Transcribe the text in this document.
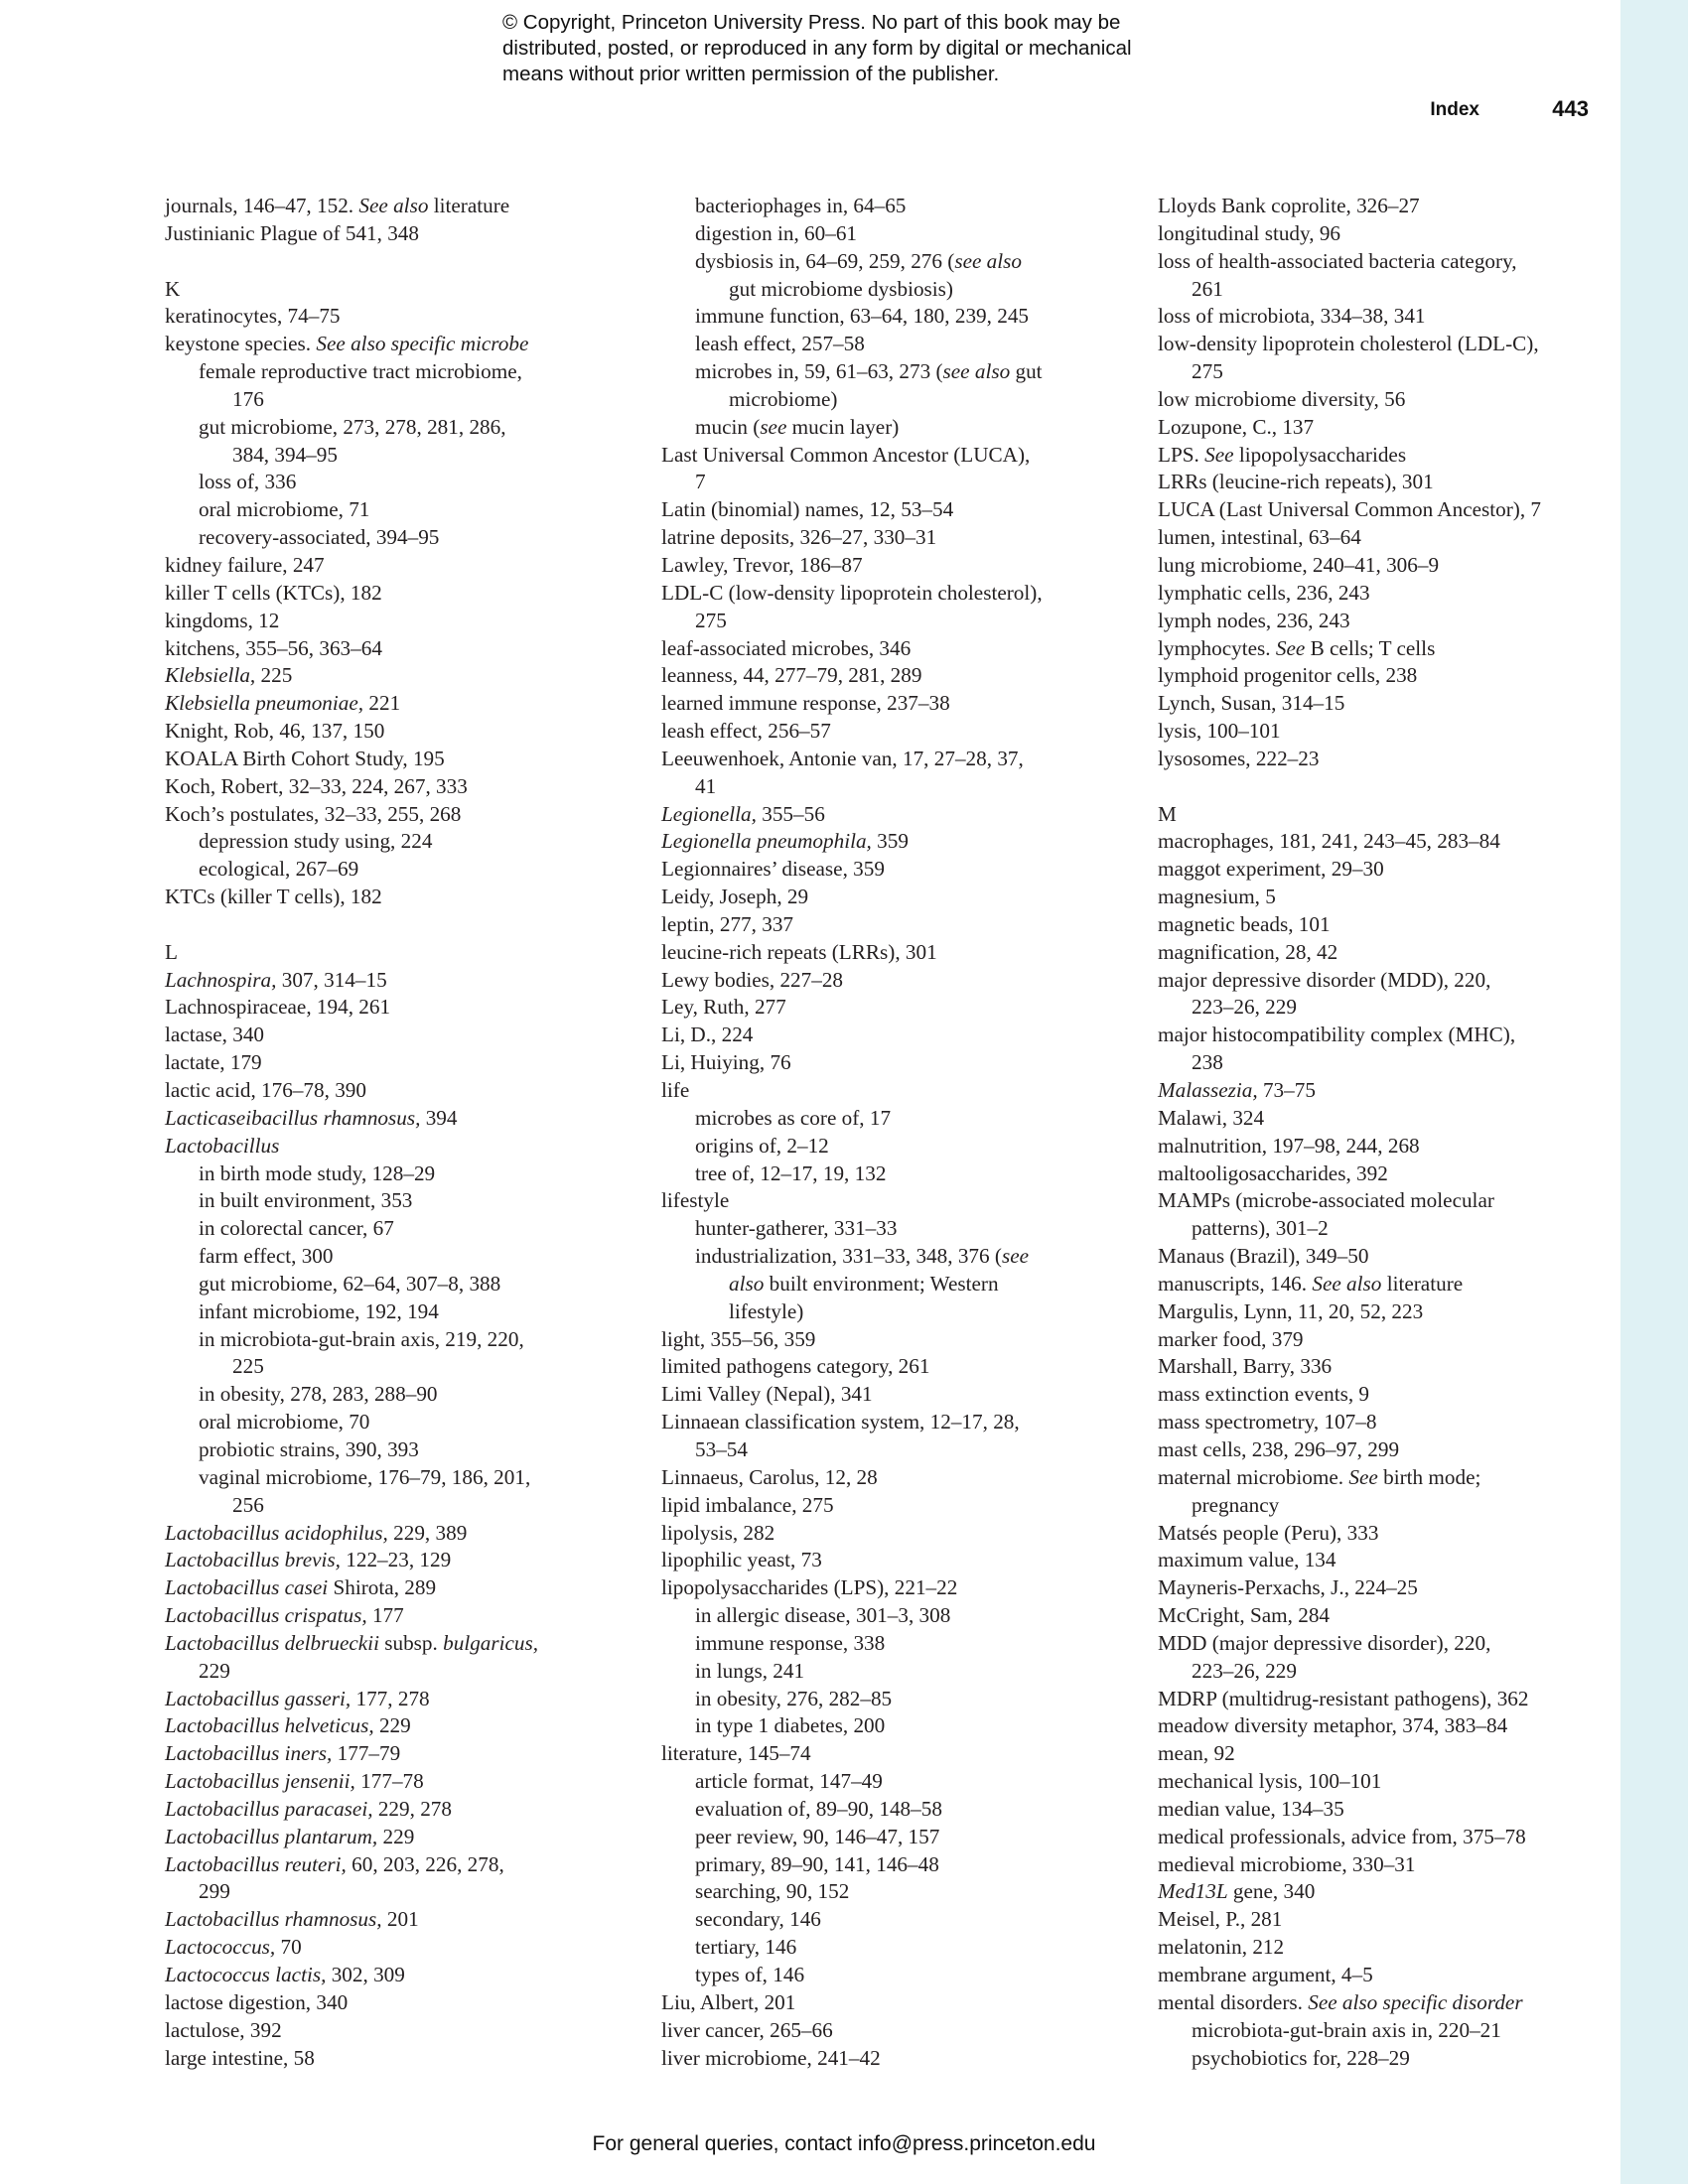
© Copyright, Princeton University Press. No part of this book may be
distributed, posted, or reproduced in any form by digital or mechanical
means without prior written permission of the publisher.
Index	443
journals, 146–47, 152. See also literature
Justinianic Plague of 541, 348
K
keratinocytes, 74–75
keystone species. See also specific microbe
female reproductive tract microbiome,
176
gut microbiome, 273, 278, 281, 286,
384, 394–95
loss of, 336
oral microbiome, 71
recovery-associated, 394–95
kidney failure, 247
killer T cells (KTCs), 182
kingdoms, 12
kitchens, 355–56, 363–64
Klebsiella, 225
Klebsiella pneumoniae, 221
Knight, Rob, 46, 137, 150
KOALA Birth Cohort Study, 195
Koch, Robert, 32–33, 224, 267, 333
Koch’s postulates, 32–33, 255, 268
depression study using, 224
ecological, 267–69
KTCs (killer T cells), 182
L
Lachnospira, 307, 314–15
Lachnospiraceae, 194, 261
lactase, 340
lactate, 179
lactic acid, 176–78, 390
Lacticaseibacillus rhamnosus, 394
Lactobacillus
in birth mode study, 128–29
in built environment, 353
in colorectal cancer, 67
farm effect, 300
gut microbiome, 62–64, 307–8, 388
infant microbiome, 192, 194
in microbiota-gut-brain axis, 219, 220,
225
in obesity, 278, 283, 288–90
oral microbiome, 70
probiotic strains, 390, 393
vaginal microbiome, 176–79, 186, 201,
256
Lactobacillus acidophilus, 229, 389
Lactobacillus brevis, 122–23, 129
Lactobacillus casei Shirota, 289
Lactobacillus crispatus, 177
Lactobacillus delbrueckii subsp. bulgaricus,
229
Lactobacillus gasseri, 177, 278
Lactobacillus helveticus, 229
Lactobacillus iners, 177–79
Lactobacillus jensenii, 177–78
Lactobacillus paracasei, 229, 278
Lactobacillus plantarum, 229
Lactobacillus reuteri, 60, 203, 226, 278,
299
Lactobacillus rhamnosus, 201
Lactococcus, 70
Lactococcus lactis, 302, 309
lactose digestion, 340
lactulose, 392
large intestine, 58
bacteriophages in, 64–65
digestion in, 60–61
dysbiosis in, 64–69, 259, 276 (see also
gut microbiome dysbiosis)
immune function, 63–64, 180, 239, 245
leash effect, 257–58
microbes in, 59, 61–63, 273 (see also gut
microbiome)
mucin (see mucin layer)
Last Universal Common Ancestor (LUCA),
7
Latin (binomial) names, 12, 53–54
latrine deposits, 326–27, 330–31
Lawley, Trevor, 186–87
LDL-C (low-density lipoprotein cholesterol),
275
leaf-associated microbes, 346
leanness, 44, 277–79, 281, 289
learned immune response, 237–38
leash effect, 256–57
Leeuwenhoek, Antonie van, 17, 27–28, 37,
41
Legionella, 355–56
Legionella pneumophila, 359
Legionnaires’ disease, 359
Leidy, Joseph, 29
leptin, 277, 337
leucine-rich repeats (LRRs), 301
Lewy bodies, 227–28
Ley, Ruth, 277
Li, D., 224
Li, Huiying, 76
life
microbes as core of, 17
origins of, 2–12
tree of, 12–17, 19, 132
lifestyle
hunter-gatherer, 331–33
industrialization, 331–33, 348, 376 (see
also built environment; Western
lifestyle)
light, 355–56, 359
limited pathogens category, 261
Limi Valley (Nepal), 341
Linnaean classification system, 12–17, 28,
53–54
Linnaeus, Carolus, 12, 28
lipid imbalance, 275
lipolysis, 282
lipophilic yeast, 73
lipopolysaccharides (LPS), 221–22
in allergic disease, 301–3, 308
immune response, 338
in lungs, 241
in obesity, 276, 282–85
in type 1 diabetes, 200
literature, 145–74
article format, 147–49
evaluation of, 89–90, 148–58
peer review, 90, 146–47, 157
primary, 89–90, 141, 146–48
searching, 90, 152
secondary, 146
tertiary, 146
types of, 146
Liu, Albert, 201
liver cancer, 265–66
liver microbiome, 241–42
Lloyds Bank coprolite, 326–27
longitudinal study, 96
loss of health-associated bacteria category,
261
loss of microbiota, 334–38, 341
low-density lipoprotein cholesterol (LDL-C),
275
low microbiome diversity, 56
Lozupone, C., 137
LPS. See lipopolysaccharides
LRRs (leucine-rich repeats), 301
LUCA (Last Universal Common Ancestor), 7
lumen, intestinal, 63–64
lung microbiome, 240–41, 306–9
lymphatic cells, 236, 243
lymph nodes, 236, 243
lymphocytes. See B cells; T cells
lymphoid progenitor cells, 238
Lynch, Susan, 314–15
lysis, 100–101
lysosomes, 222–23
M
macrophages, 181, 241, 243–45, 283–84
maggot experiment, 29–30
magnesium, 5
magnetic beads, 101
magnification, 28, 42
major depressive disorder (MDD), 220,
223–26, 229
major histocompatibility complex (MHC),
238
Malassezia, 73–75
Malawi, 324
malnutrition, 197–98, 244, 268
maltooligosaccharides, 392
MAMPs (microbe-associated molecular
patterns), 301–2
Manaus (Brazil), 349–50
manuscripts, 146. See also literature
Margulis, Lynn, 11, 20, 52, 223
marker food, 379
Marshall, Barry, 336
mass extinction events, 9
mass spectrometry, 107–8
mast cells, 238, 296–97, 299
maternal microbiome. See birth mode;
pregnancy
Matsés people (Peru), 333
maximum value, 134
Mayneris-Perxachs, J., 224–25
McCright, Sam, 284
MDD (major depressive disorder), 220,
223–26, 229
MDRP (multidrug-resistant pathogens), 362
meadow diversity metaphor, 374, 383–84
mean, 92
mechanical lysis, 100–101
median value, 134–35
medical professionals, advice from, 375–78
medieval microbiome, 330–31
Med13L gene, 340
Meisel, P., 281
melatonin, 212
membrane argument, 4–5
mental disorders. See also specific disorder
microbiota-gut-brain axis in, 220–21
psychobiotics for, 228–29
For general queries, contact info@press.princeton.edu
